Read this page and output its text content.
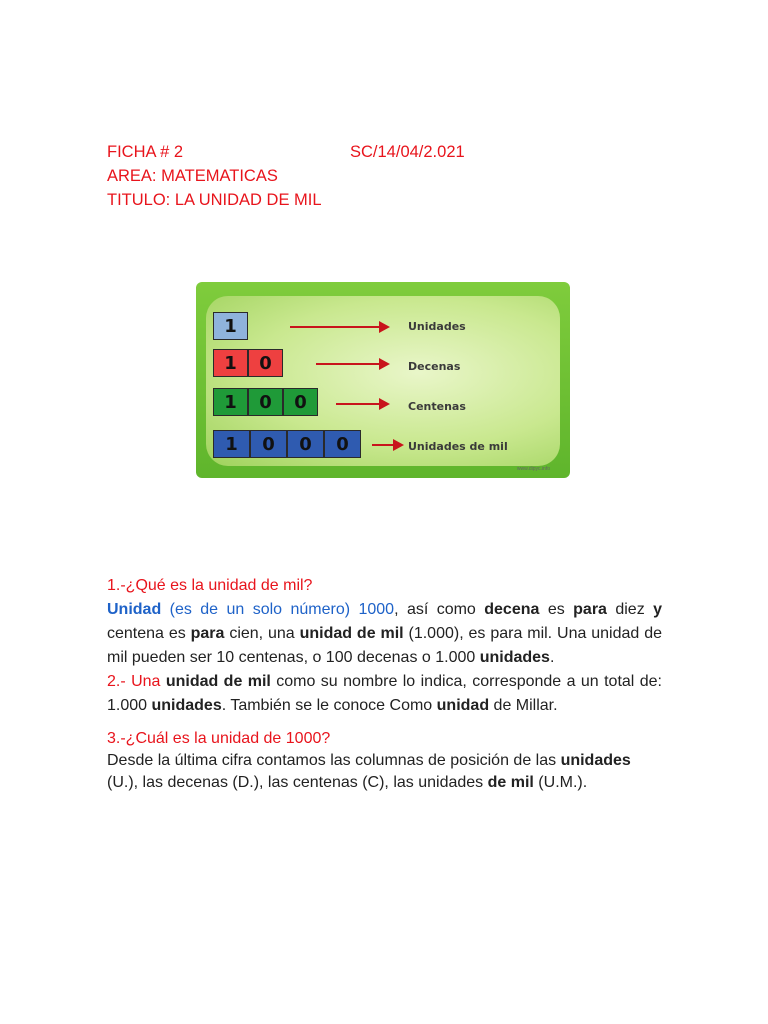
FICHA # 2	SC/14/04/2.021
AREA: MATEMATICAS
TITULO: LA UNIDAD DE MIL
1	Unidades
1	0	Decenas
1	0	0	Centenas
1	0	0	0	Unidades de mil
www.dipyc.info

1.-¿Qué es la unidad de mil?

Unidad (es de un solo número) 1000, así como decena es para diez y centena es para cien, una unidad de mil (1.000), es para mil. Una unidad de mil pueden ser 10 centenas, o 100 decenas o 1.000 unidades.

2.- Una unidad de mil como su nombre lo indica, corresponde a un total de: 1.000 unidades. También se le conoce Como unidad de Millar.

3.-¿Cuál es la unidad de 1000?

Desde la última cifra contamos las columnas de posición de las unidades (U.), las decenas (D.), las centenas (C), las unidades de mil (U.M.).
